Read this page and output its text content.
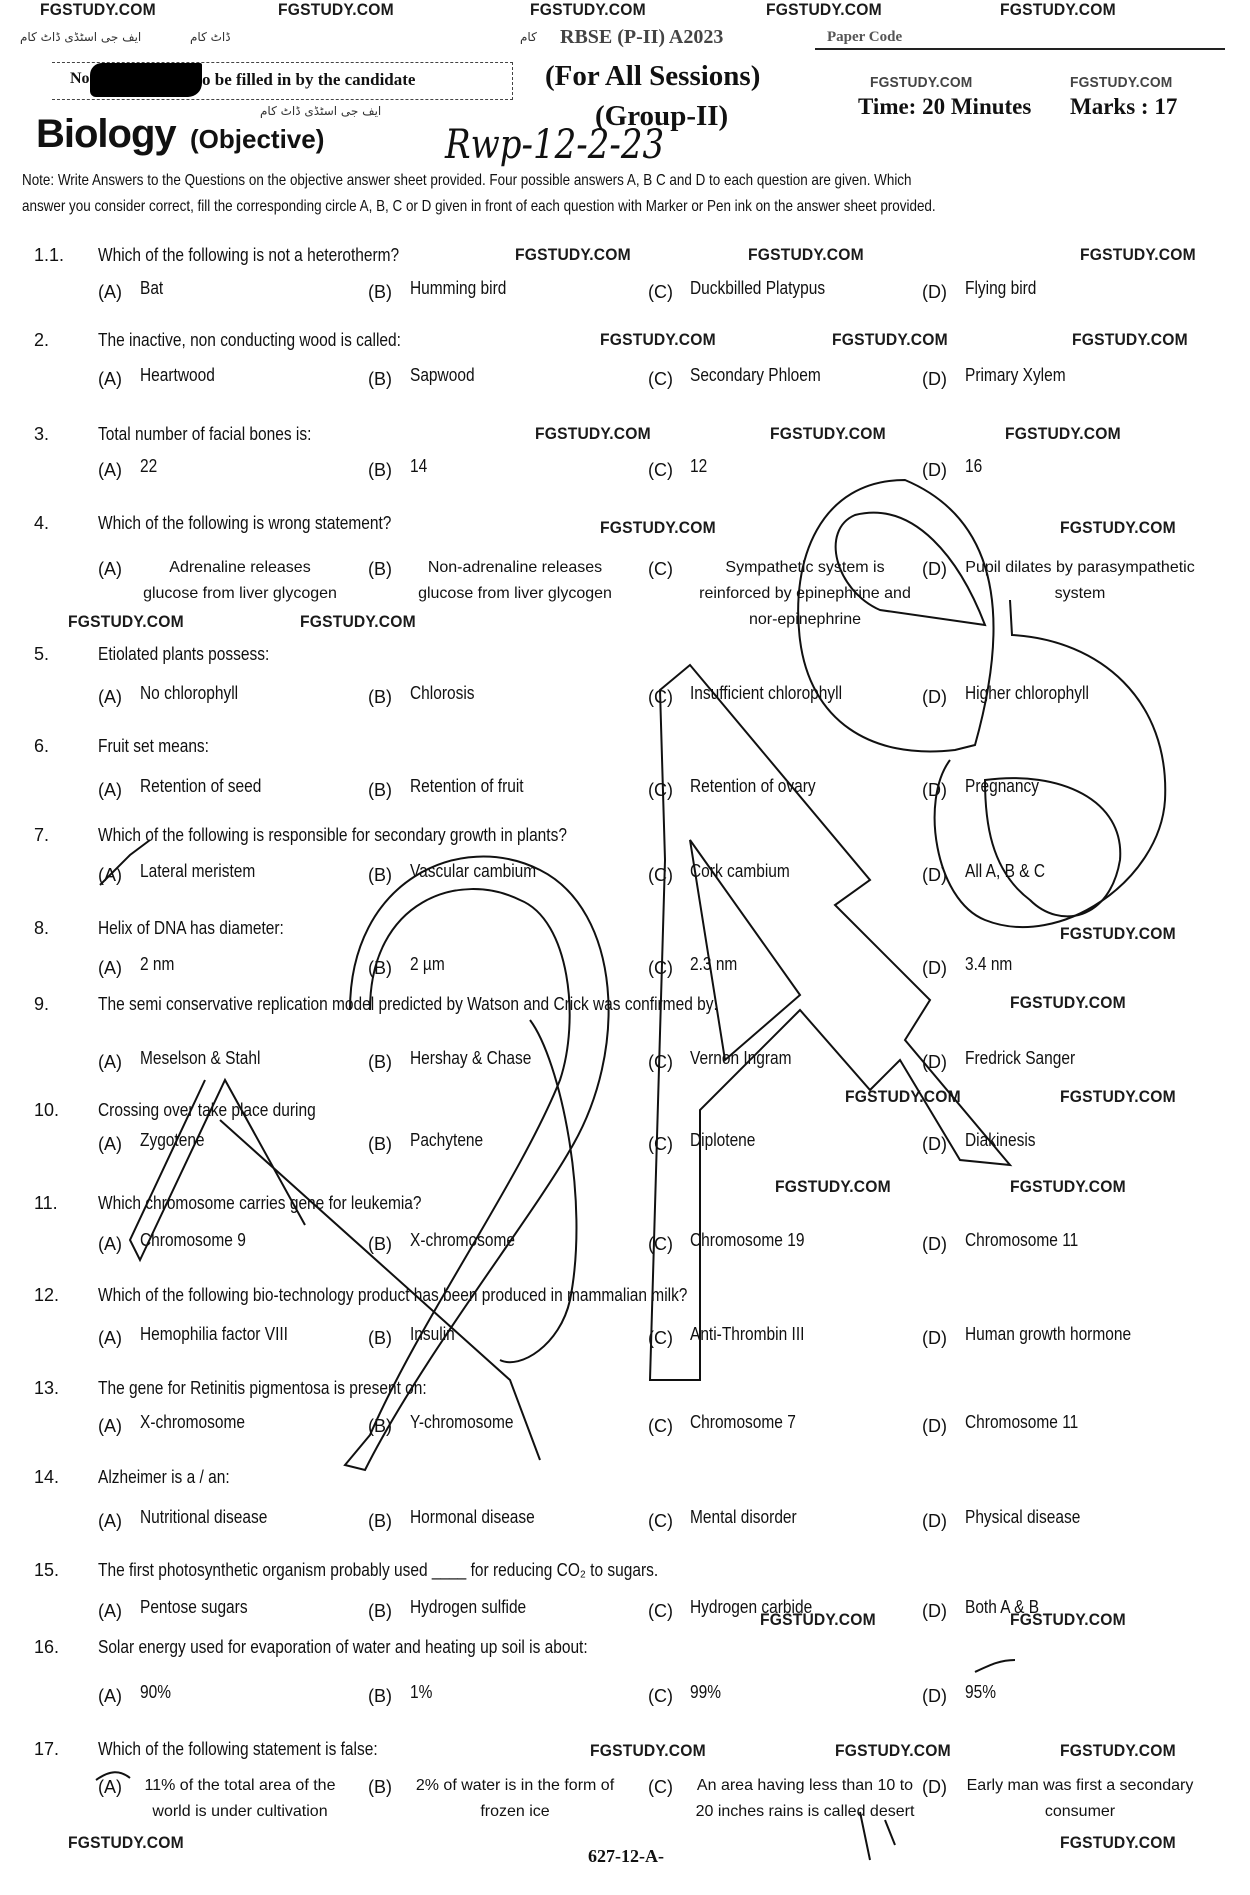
FGSTUDY.COM	FGSTUDY.COM	FGSTUDY.COM	FGSTUDY.COM	FGSTUDY.COM
ایف جی اسٹڈی ڈاٹ کام	ڈاٹ کام	کام RBSE (P-II) A2023	Paper Code
No	o be filled in by the candidate	(For All Sessions)	FGSTUDY.COM	FGSTUDY.COM
ایف جی اسٹڈی ڈاٹ کام	(Group-II)	Time: 20 Minutes Marks : 17
Biology (Objective)	Rwp-12-2-23
Note: Write Answers to the Questions on the objective answer sheet provided. Four possible answers A, B C and D to each question are given. Which
answer you consider correct, fill the corresponding circle A, B, C or D given in front of each question with Marker or Pen ink on the answer sheet provided.
1.1. Which of the following is not a heterotherm?
(A) Bat	(B) Humming bird	(C) Duckbilled Platypus	(D) Flying bird
2.	The inactive, non conducting wood is called:
(A) Heartwood	(B) Sapwood	(C) Secondary Phloem	(D) Primary Xylem
3.	Total number of facial bones is:
(A) 22	(B) 14	(C) 12	(D) 16
4.	Which of the following is wrong statement?
(A)	Adrenaline releases glucose from liver glycogen
(B)	Non-adrenaline releases glucose from liver glycogen
(C)	Sympathetic system is reinforced by epinephrine and nor-epinephrine
(D) Pupil dilates by parasympathetic system
5.	Etiolated plants possess:
(A) No chlorophyll	(B) Chlorosis	(C) Insufficient chlorophyll	(D) Higher chlorophyll
6.	Fruit set means:
(A) Retention of seed	(B) Retention of fruit	(C) Retention of ovary	(D) Pregnancy
7.	Which of the following is responsible for secondary growth in plants?
(A) Lateral meristem	(B) Vascular cambium	(C) Cork cambium	(D) All A, B & C
8.	Helix of DNA has diameter:
(A) 2 nm	(B) 2 µm	(C) 2.3 nm	(D) 3.4 nm
9.	The semi conservative replication model predicted by Watson and Crick was confirmed by:
(A) Meselson & Stahl	(B) Hershay & Chase	(C) Vernon Ingram	(D) Fredrick Sanger
10. Crossing over take place during
(A) Zygotene	(B) Pachytene	(C) Diplotene	(D) Diakinesis
11. Which chromosome carries gene for leukemia?
(A) Chromosome 9	(B) X-chromosome	(C) Chromosome 19	(D) Chromosome 11
12. Which of the following bio-technology product has been produced in mammalian milk?
(A) Hemophilia factor VIII	(B) Insulin	(C) Anti-Thrombin III	(D) Human growth hormone
13. The gene for Retinitis pigmentosa is present on:
(A) X-chromosome	(B) Y-chromosome	(C) Chromosome 7	(D) Chromosome 11
14. Alzheimer is a / an:
(A) Nutritional disease	(B) Hormonal disease	(C) Mental disorder	(D) Physical disease
15. The first photosynthetic organism probably used ____ for reducing CO₂ to sugars.
(A) Pentose sugars	(B) Hydrogen sulfide	(C) Hydrogen carbide	(D) Both A & B
16. Solar energy used for evaporation of water and heating up soil is about:
(A) 90%	(B) 1%	(C) 99%	(D) 95%
17. Which of the following statement is false:
(A) 11% of the total area of the world is under cultivation
(B)	2% of water is in the form of frozen ice
(C)	An area having less than 10 to 20 inches rains is called desert
(D) Early man was first a secondary consumer
FGSTUDY.COM	FGSTUDY.COM	FGSTUDY.COM
FGSTUDY.COM	FGSTUDY.COM	FGSTUDY.COM
FGSTUDY.COM	FGSTUDY.COM	FGSTUDY.COM
FGSTUDY.COM	FGSTUDY.COM
FGSTUDY.COM	FGSTUDY.COM
FGSTUDY.COM
FGSTUDY.COM
FGSTUDY.COM	FGSTUDY.COM
FGSTUDY.COM	FGSTUDY.COM
FGSTUDY.COM	FGSTUDY.COM
FGSTUDY.COM	FGSTUDY.COM	FGSTUDY.COM
FGSTUDY.COM	FGSTUDY.COM
627-12-A-
